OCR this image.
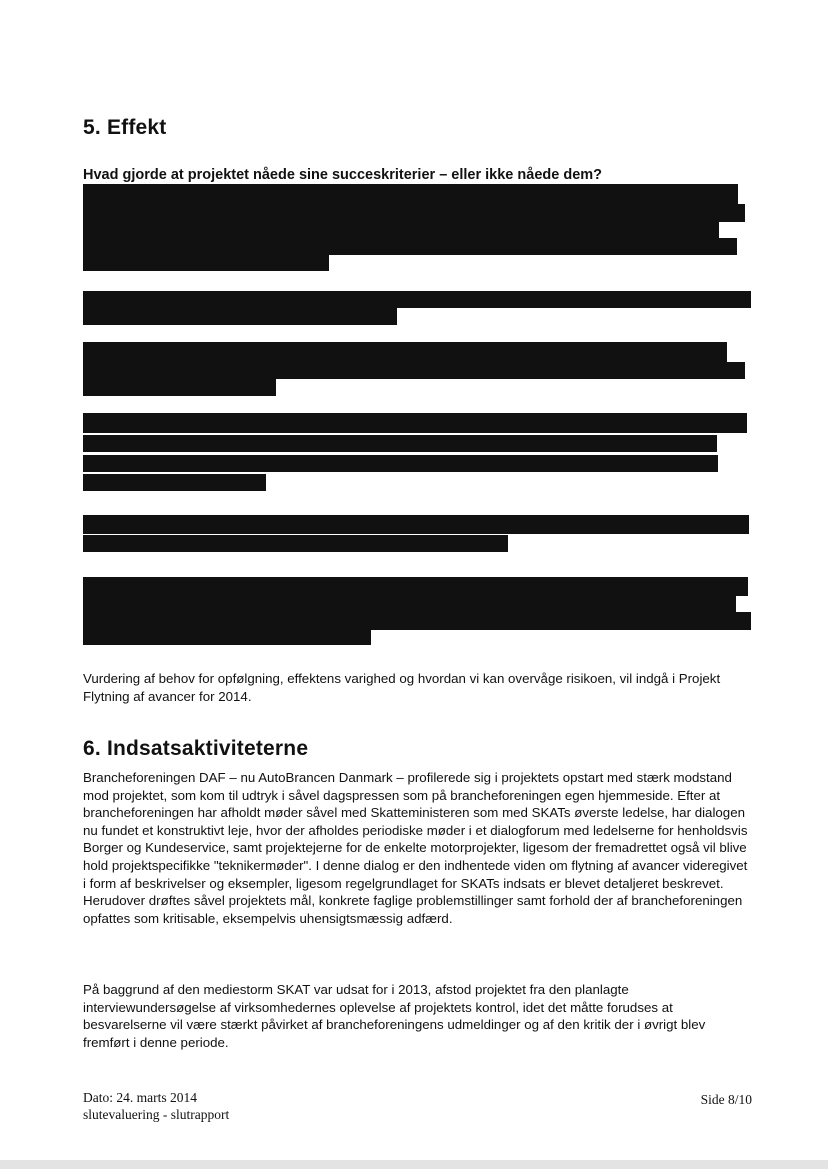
5. Effekt
Hvad gjorde at projektet nåede sine succeskriterier – eller ikke nåede dem?
Vurdering af behov for opfølgning, effektens varighed og hvordan vi kan overvåge risikoen, vil indgå i Projekt Flytning af avancer for 2014.
6. Indsatsaktiviteterne
Brancheforeningen DAF – nu AutoBrancen Danmark – profilerede sig i projektets opstart med stærk modstand mod projektet, som kom til udtryk i såvel dagspressen som på brancheforeningen egen hjemmeside. Efter at brancheforeningen har afholdt møder såvel med Skatteministeren som med SKATs øverste ledelse, har dialogen nu fundet et konstruktivt leje, hvor der afholdes periodiske møder i et dialogforum med ledelserne for henholdsvis Borger og Kundeservice, samt projektejerne for de enkelte motorprojekter, ligesom der fremadrettet også vil blive hold projektspecifikke "teknikermøder". I denne dialog er den indhentede viden om flytning af avancer videregivet i form af beskrivelser og eksempler, ligesom regelgrundlaget for SKATs indsats er blevet detaljeret beskrevet. Herudover drøftes såvel projektets mål, konkrete faglige problemstillinger samt forhold der af brancheforeningen opfattes som kritisable, eksempelvis uhensigtsmæssig adfærd.
På baggrund af den mediestorm SKAT var udsat for i 2013, afstod projektet fra den planlagte interviewundersøgelse af virksomhedernes oplevelse af projektets kontrol, idet det måtte forudses at besvarelserne vil være stærkt påvirket af brancheforeningens udmeldinger og af den kritik der i øvrigt blev fremført i denne periode.
Dato: 24. marts 2014
slutevaluering - slutrapport
Side 8/10
